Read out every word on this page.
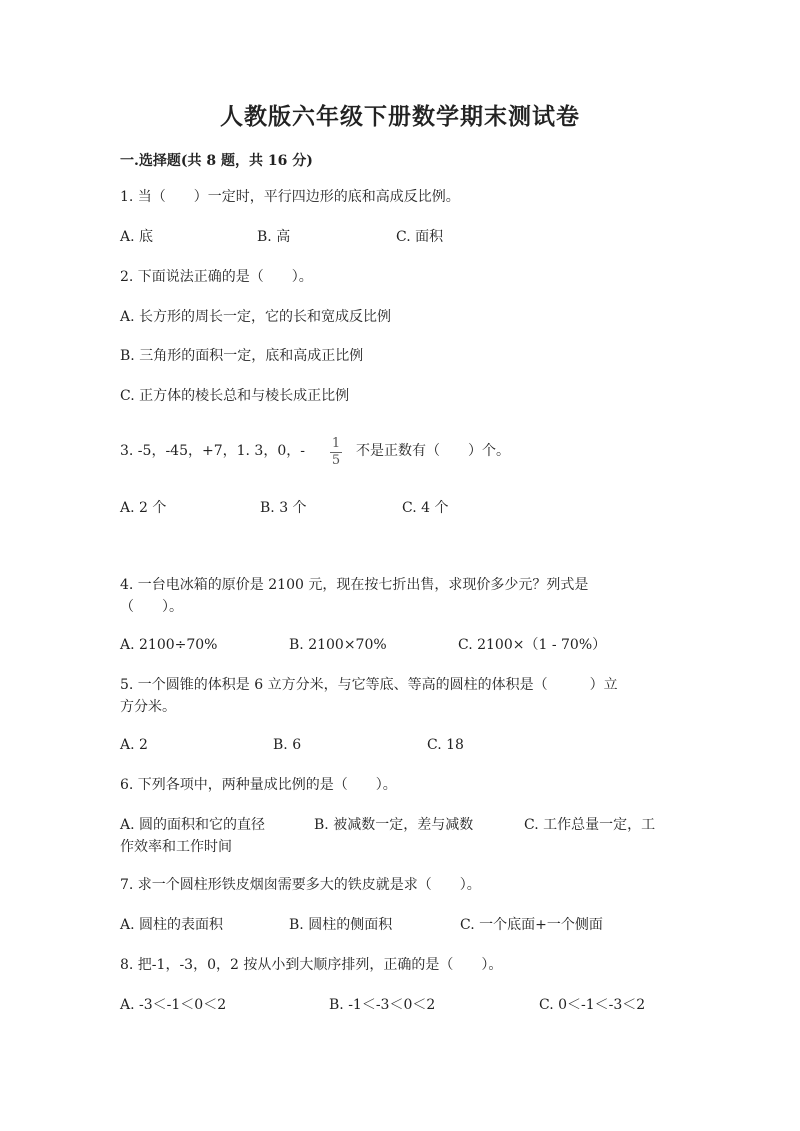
人教版六年级下册数学期末测试卷
一.选择题(共 8 题，共 16 分)
1. 当（　　）一定时，平行四边形的底和高成反比例。
A. 底	B. 高	C. 面积
2. 下面说法正确的是（　　）。
A. 长方形的周长一定，它的长和宽成反比例
B. 三角形的面积一定，底和高成正比例
C. 正方体的棱长总和与棱长成正比例
3. -5，-45，+7，1. 3，0，- 1
5
不是正数有（　　）个。
A. 2 个	B. 3 个	C. 4 个
4. 一台电冰箱的原价是 2100 元，现在按七折出售，求现价多少元？列式是
（　　）。
A. 2100÷70%	B. 2100×70%	C. 2100×（1 - 70%）
5. 一个圆锥的体积是 6 立方分米，与它等底、等高的圆柱的体积是（　　　）立
方分米。
A. 2	B. 6	C. 18
6. 下列各项中，两种量成比例的是（　　）。
A. 圆的面积和它的直径	B. 被减数一定，差与减数	C. 工作总量一定，工
作效率和工作时间
7. 求一个圆柱形铁皮烟囱需要多大的铁皮就是求（　　）。
A. 圆柱的表面积	B. 圆柱的侧面积	C. 一个底面+一个侧面
8. 把-1，-3，0，2 按从小到大顺序排列，正确的是（　　）。
A. -3＜-1＜0＜2	B. -1＜-3＜0＜2	C. 0＜-1＜-3＜2
